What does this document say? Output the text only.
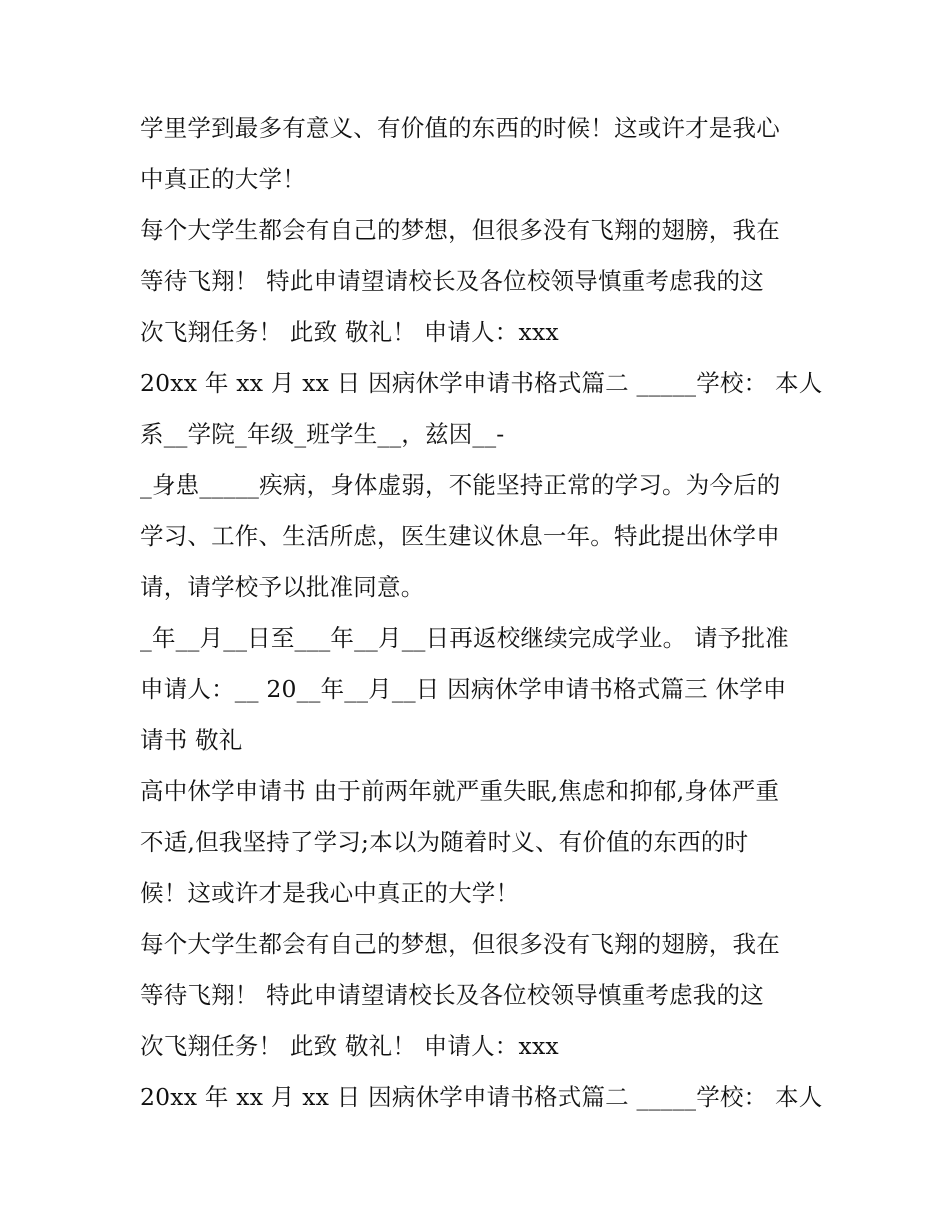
学里学到最多有意义、有价值的东西的时候！这或许才是我心
中真正的大学！
每个大学生都会有自己的梦想，但很多没有飞翔的翅膀，我在
等待飞翔！ 特此申请望请校长及各位校领导慎重考虑我的这
次飞翔任务！ 此致 敬礼！ 申请人：xxx
20xx 年 xx 月 xx 日 因病休学申请书格式篇二 _____学校： 本人
系__学院_年级_班学生__，兹因__-
_身患_____疾病，身体虚弱，不能坚持正常的学习。为今后的
学习、工作、生活所虑，医生建议休息一年。特此提出休学申
请，请学校予以批准同意。
_年__月__日至___年__月__日再返校继续完成学业。 请予批准
申请人：__ 20__年__月__日 因病休学申请书格式篇三 休学申
请书 敬礼
高中休学申请书 由于前两年就严重失眠,焦虑和抑郁,身体严重
不适,但我坚持了学习;本以为随着时义、有价值的东西的时
候！这或许才是我心中真正的大学！
每个大学生都会有自己的梦想，但很多没有飞翔的翅膀，我在
等待飞翔！ 特此申请望请校长及各位校领导慎重考虑我的这
次飞翔任务！ 此致 敬礼！ 申请人：xxx
20xx 年 xx 月 xx 日 因病休学申请书格式篇二 _____学校： 本人
